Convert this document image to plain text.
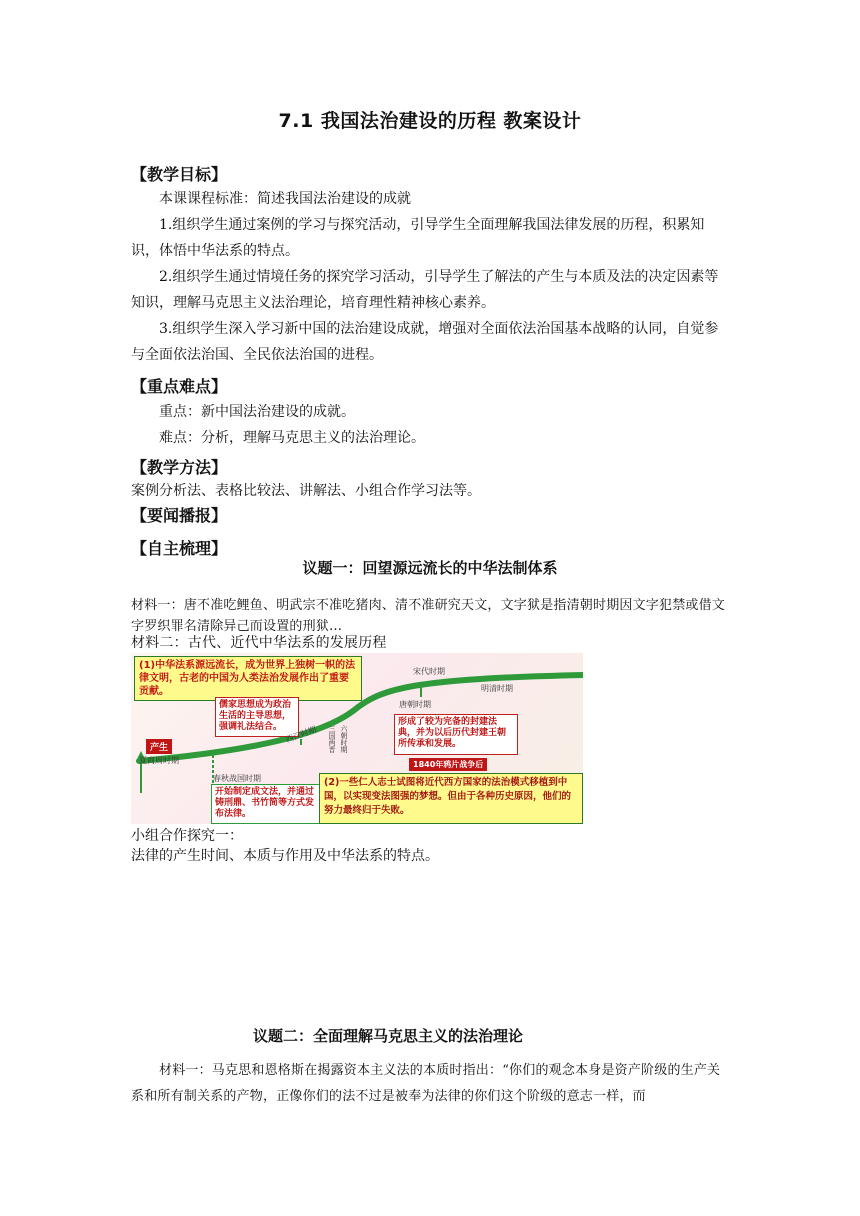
7.1 我国法治建设的历程 教案设计
【教学目标】
本课课程标准：简述我国法治建设的成就
1.组织学生通过案例的学习与探究活动，引导学生全面理解我国法律发展的历程，积累知识，体悟中华法系的特点。
2.组织学生通过情境任务的探究学习活动，引导学生了解法的产生与本质及法的决定因素等知识，理解马克思主义法治理论，培育理性精神核心素养。
3.组织学生深入学习新中国的法治建设成就，增强对全面依法治国基本战略的认同，自觉参与全面依法治国、全民依法治国的进程。
【重点难点】
重点：新中国法治建设的成就。
难点：分析，理解马克思主义的法治理论。
【教学方法】
案例分析法、表格比较法、讲解法、小组合作学习法等。
【要闻播报】
【自主梳理】
议题一：回望源远流长的中华法制体系
材料一：唐不准吃鲤鱼、明武宗不准吃猪肉、清不准研究天文，文字狱是指清朝时期因文字犯禁或借文字罗织罪名清除异己而设置的刑狱…
材料二：古代、近代中华法系的发展历程
(1)中华法系源远流长，成为世界上独树一帜的法律文明，古老的中国为人类法治发展作出了重要贡献。
儒家思想成为政治生活的主导思想，强调礼法结合。	形成了较为完备的封建法典，并为以后历代封建王朝所传承和发展。
开始制定成文法，并通过铸刑鼎、书竹简等方式发布法律。
(2)一些仁人志士试图将近代西方国家的法治模式移植到中国，以实现变法图强的梦想。但由于各种历史原因，他们的努力最终归于失败。
产生
1840年鸦片战争后
夏商周时期
春秋战国时期
西汉时期 三国两晋 六朝时期
唐朝时期
宋代时期
明清时期
小组合作探究一：
法律的产生时间、本质与作用及中华法系的特点。
议题二：全面理解马克思主义的法治理论
材料一：马克思和恩格斯在揭露资本主义法的本质时指出：“你们的观念本身是资产阶级的生产关系和所有制关系的产物，正像你们的法不过是被奉为法律的你们这个阶级的意志一样，而
